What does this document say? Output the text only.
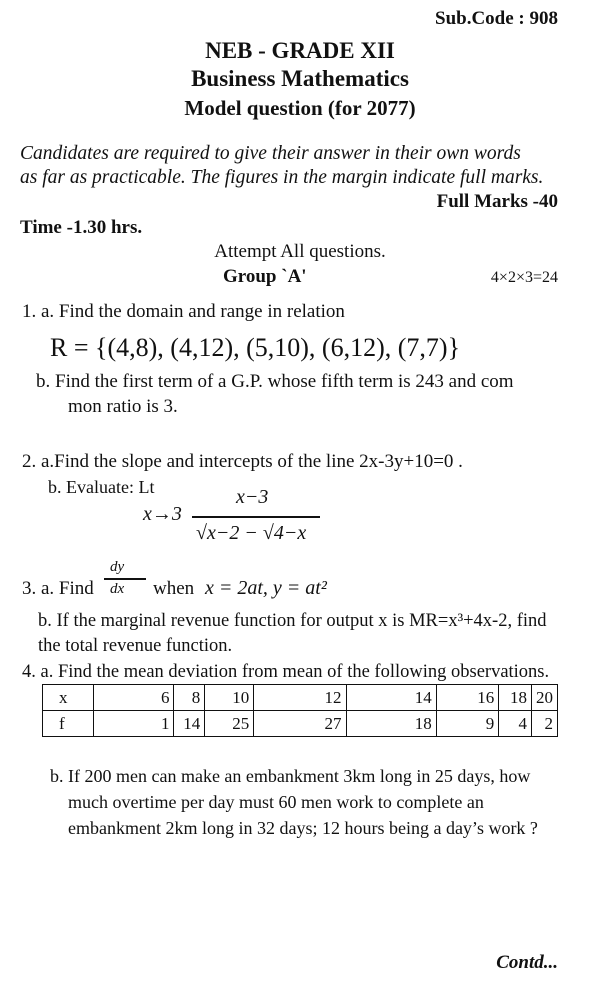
Sub.Code : 908
NEB - GRADE XII
Business Mathematics
Model question (for 2077)
Candidates are required to give their answer in their own words
as far as practicable. The figures in the margin indicate full marks.
Full Marks -40
Time -1.30 hrs.
Attempt All questions.
Group `A'	4×2×3=24
1. a. Find the domain and range in relation
R = {(4,8), (4,12), (5,10), (6,12), (7,7)}
b. Find the first term of a G.P. whose fifth term is 243 and com
mon ratio is 3.
2. a.Find the slope and intercepts of the line 2x-3y+10=0 .
b. Evaluate: Lt
x→3
x−3
√x−2 − √4−x
3. a. Find
dy
dx when x = 2at, y = at²
b. If the marginal revenue function for output x is MR=x³+4x-2, find
the total revenue function.
4. a. Find the mean deviation from mean of the following observations.
x	6	8	10	12	14	16	18	20
f	1	14	25	27	18	9	4	2
b. If 200 men can make an embankment 3km long in 25 days, how
much overtime per day must 60 men work to complete an
embankment 2km long in 32 days; 12 hours being a day’s work ?
Contd...
